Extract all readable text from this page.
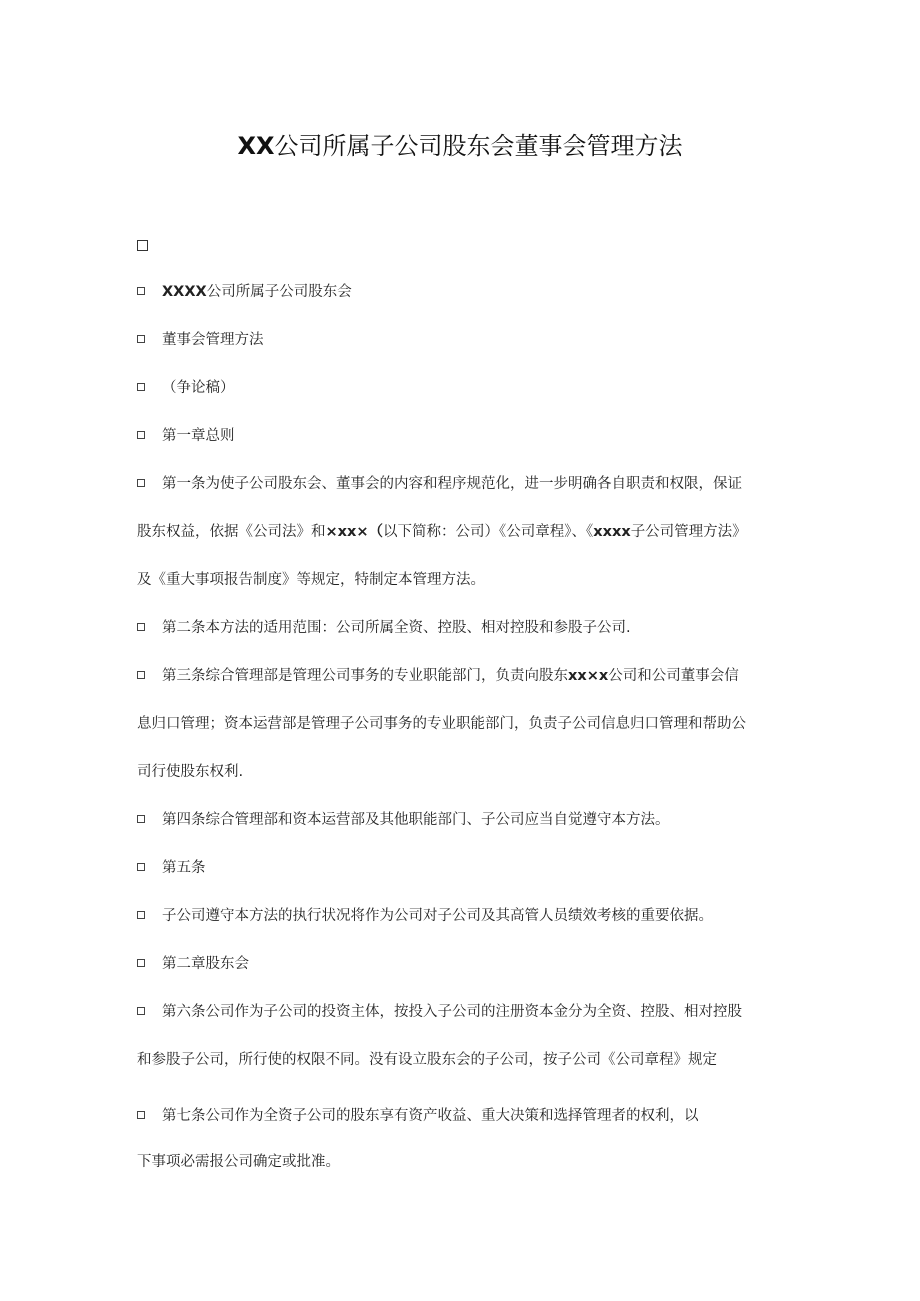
XX公司所属子公司股东会董事会管理方法
XXXX公司所属子公司股东会
董事会管理方法
（争论稿）
第一章总则
第一条为使子公司股东会、董事会的内容和程序规范化，进一步明确各自职责和权限，保证
股东权益，依据《公司法》和×xx×（以下简称：公司）《公司章程》、《xxxx子公司管理方法》
及《重大事项报告制度》等规定，特制定本管理方法。
第二条本方法的适用范围：公司所属全资、控股、相对控股和参股子公司.
第三条综合管理部是管理公司事务的专业职能部门，负责向股东xx×x公司和公司董事会信
息归口管理；资本运营部是管理子公司事务的专业职能部门，负责子公司信息归口管理和帮助公
司行使股东权利.
第四条综合管理部和资本运营部及其他职能部门、子公司应当自觉遵守本方法。
第五条
子公司遵守本方法的执行状况将作为公司对子公司及其高管人员绩效考核的重要依据。
第二章股东会
第六条公司作为子公司的投资主体，按投入子公司的注册资本金分为全资、控股、相对控股
和参股子公司，所行使的权限不同。没有设立股东会的子公司，按子公司《公司章程》规定
第七条公司作为全资子公司的股东享有资产收益、重大决策和选择管理者的权利，以
下事项必需报公司确定或批准。
